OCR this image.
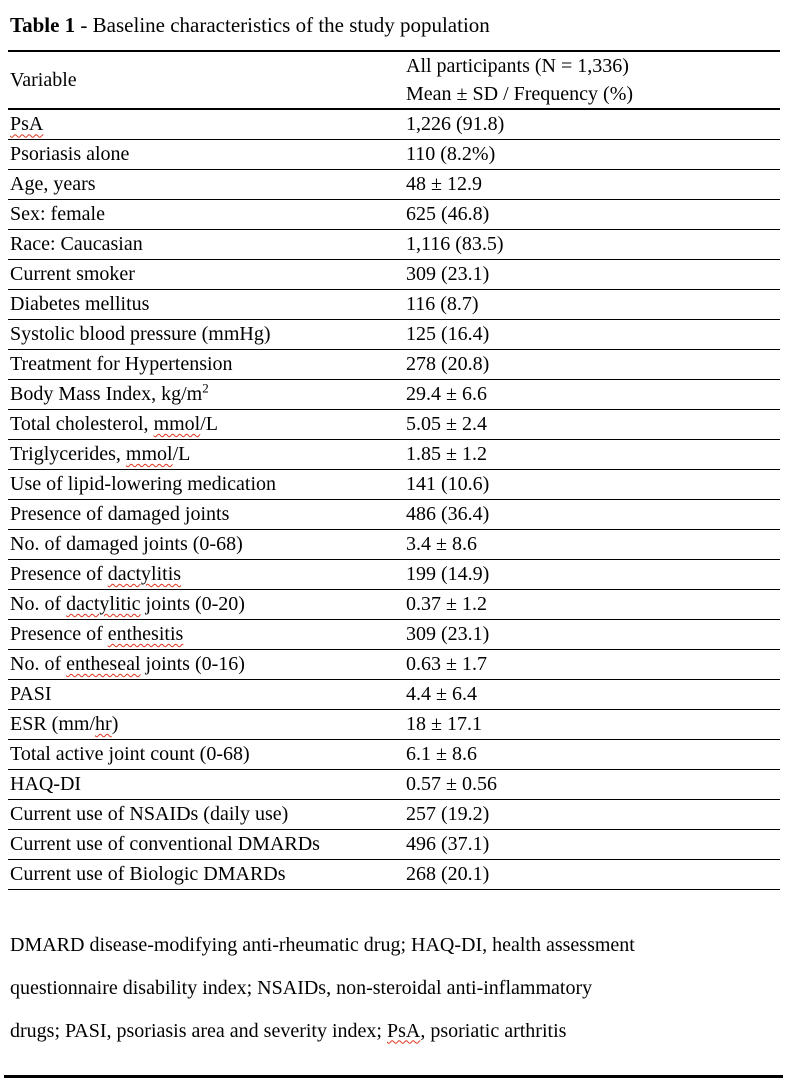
Table 1 - Baseline characteristics of the study population

Variable	All participants (N = 1,336)
Mean ± SD / Frequency (%)

PsA	1,226 (91.8)
Psoriasis alone	110 (8.2%)
Age, years	48 ± 12.9
Sex: female	625 (46.8)
Race: Caucasian	1,116 (83.5)
Current smoker	309 (23.1)
Diabetes mellitus	116 (8.7)
Systolic blood pressure (mmHg)	125 (16.4)
Treatment for Hypertension	278 (20.8)
Body Mass Index, $kg/m^2$	29.4 ± 6.6
Total cholesterol, mmol/L	5.05 ± 2.4
Triglycerides, mmol/L	1.85 ± 1.2
Use of lipid-lowering medication	141 (10.6)
Presence of damaged joints	486 (36.4)
No. of damaged joints (0-68)	3.4 ± 8.6
Presence of dactylitis	199 (14.9)
No. of dactylitic joints (0-20)	0.37 ± 1.2
Presence of enthesitis	309 (23.1)
No. of entheseal joints (0-16)	0.63 ± 1.7
PASI	4.4 ± 6.4
ESR (mm/hr)	18 ± 17.1
Total active joint count (0-68)	6.1 ± 8.6
HAQ-DI	0.57 ± 0.56
Current use of NSAIDs (daily use)	257 (19.2)
Current use of conventional DMARDs	496 (37.1)
Current use of Biologic DMARDs	268 (20.1)

DMARD disease-modifying anti-rheumatic drug; HAQ-DI, health assessment
questionnaire disability index; NSAIDs, non-steroidal anti-inflammatory
drugs; PASI, psoriasis area and severity index; PsA, psoriatic arthritis
